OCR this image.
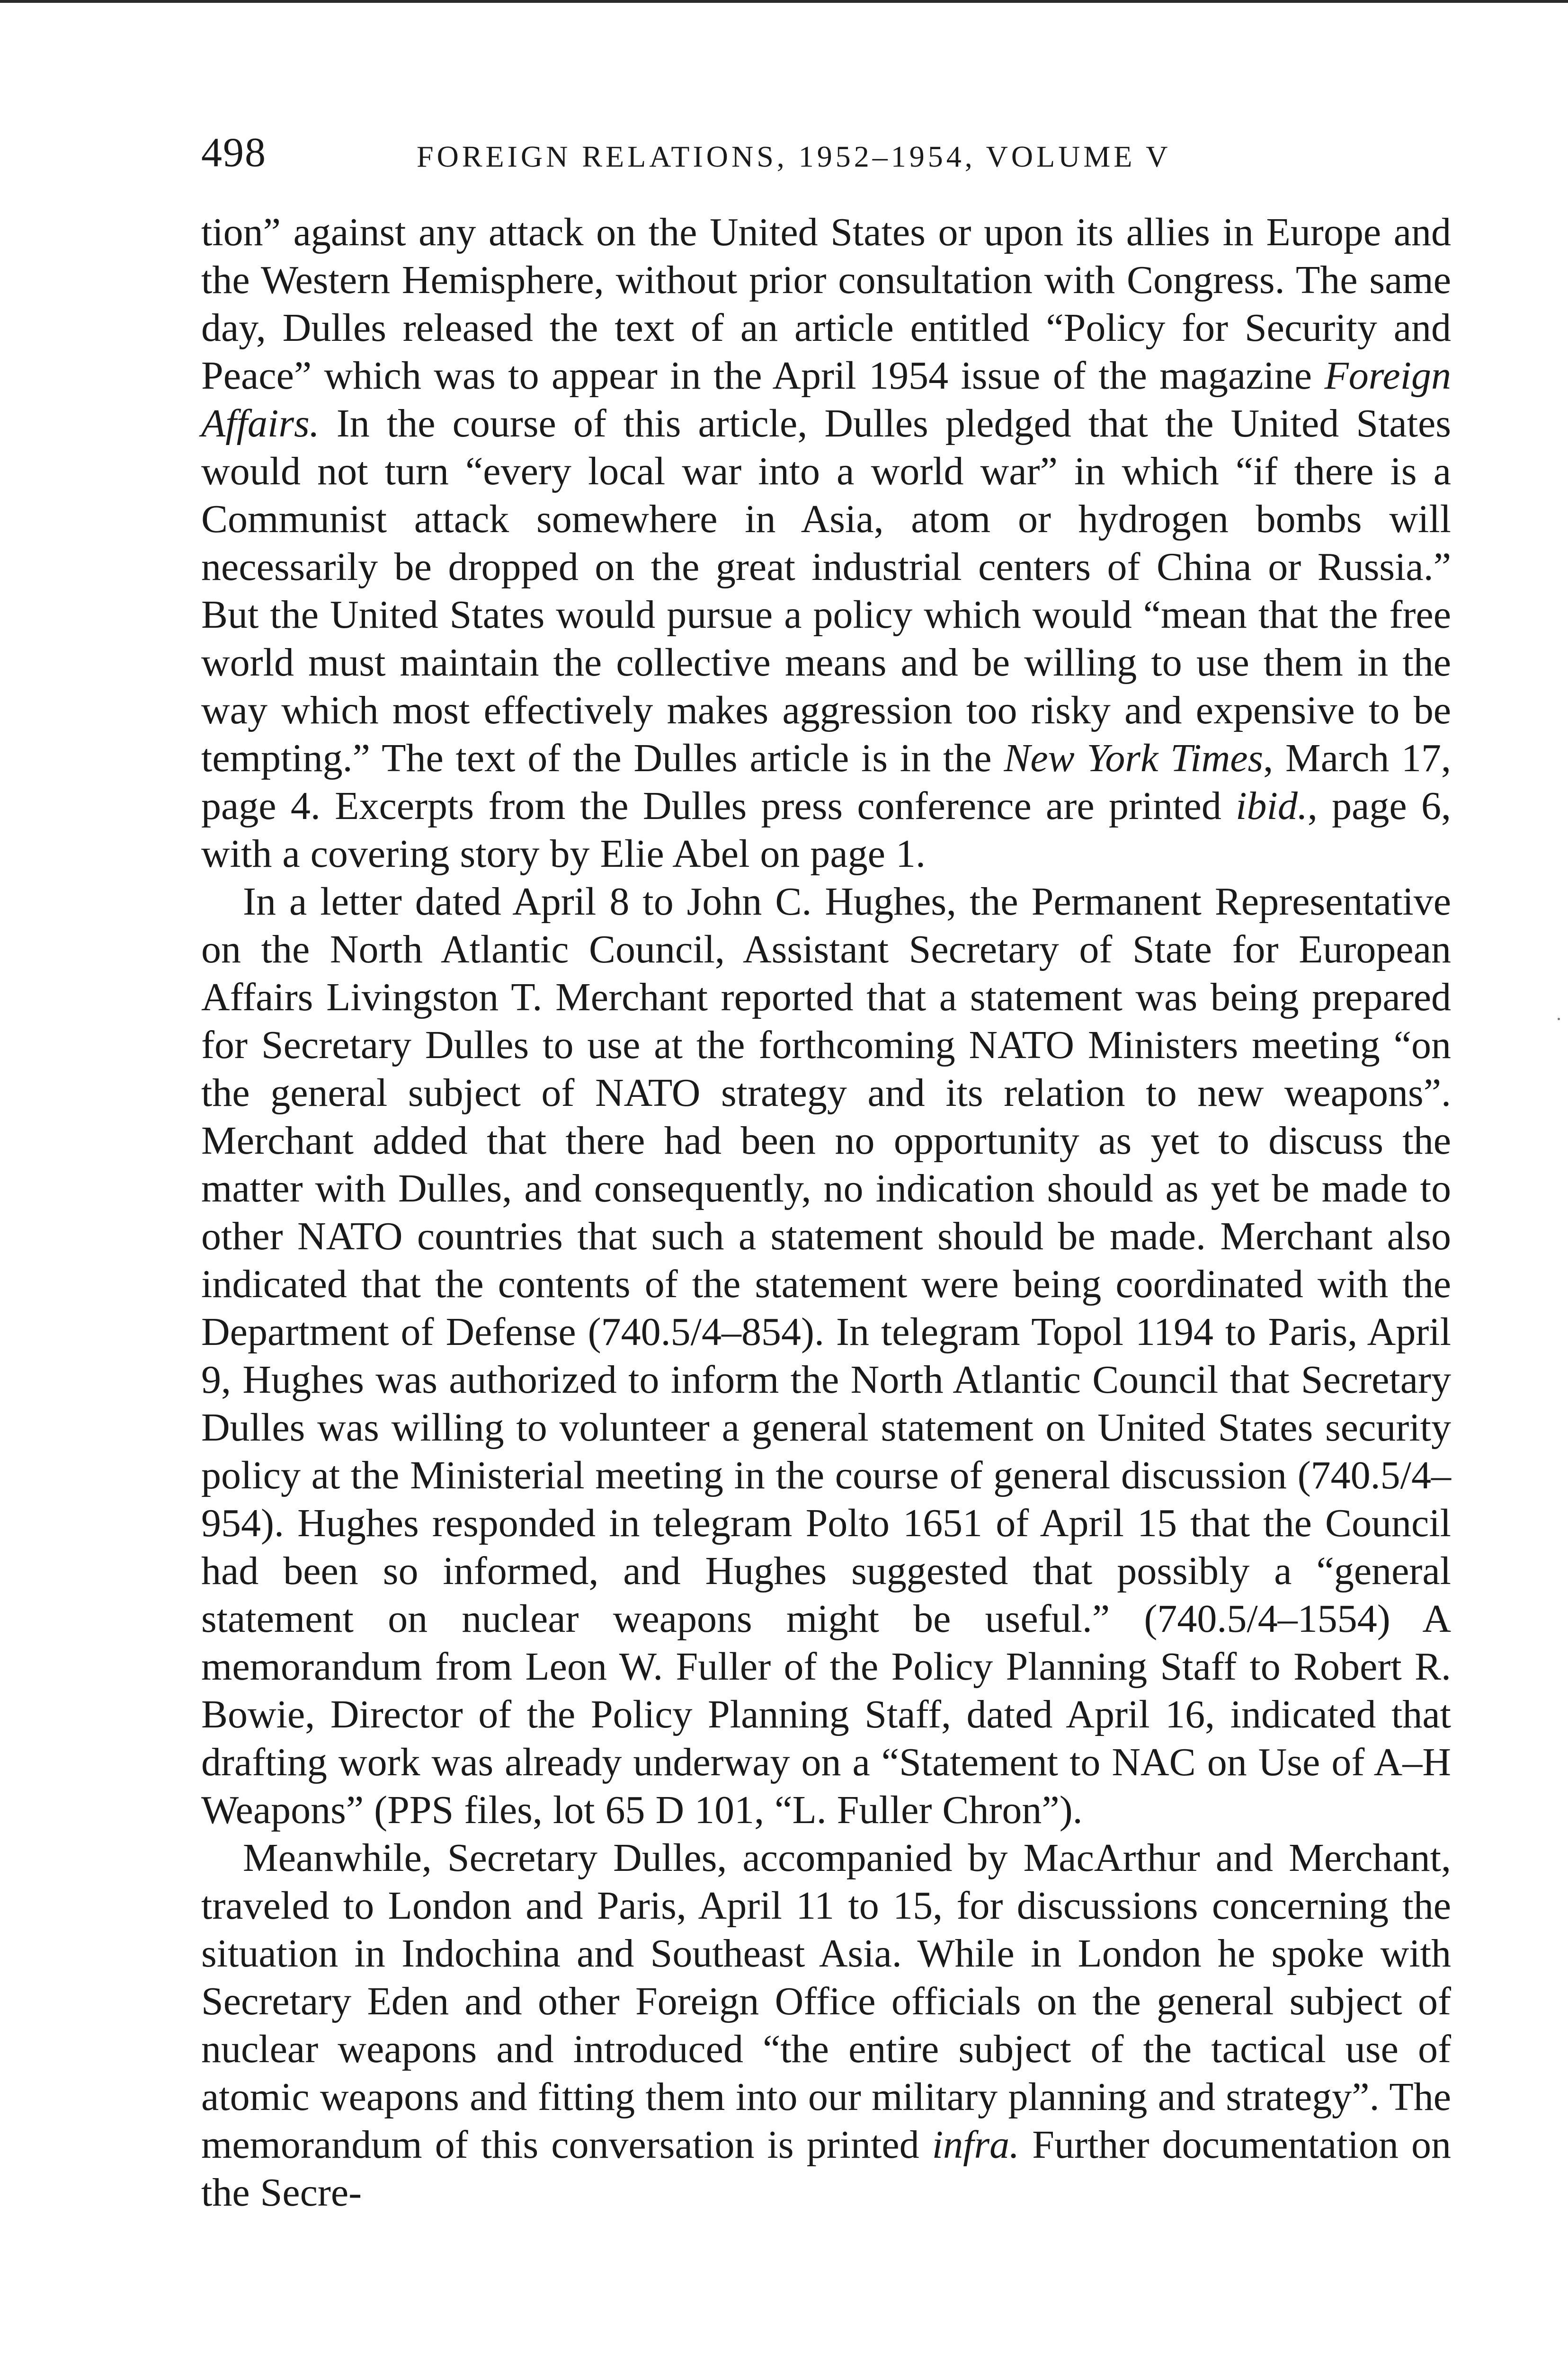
498	FOREIGN RELATIONS, 1952–1954, VOLUME V

tion” against any attack on the United States or upon its allies in Europe and the Western Hemisphere, without prior consultation with Congress. The same day, Dulles released the text of an article entitled “Policy for Security and Peace” which was to appear in the April 1954 issue of the magazine Foreign Affairs. In the course of this article, Dulles pledged that the United States would not turn “every local war into a world war” in which “if there is a Communist attack somewhere in Asia, atom or hydrogen bombs will necessarily be dropped on the great industrial centers of China or Russia.” But the United States would pursue a policy which would “mean that the free world must maintain the collective means and be willing to use them in the way which most effectively makes aggression too risky and expensive to be tempting.” The text of the Dulles article is in the New York Times, March 17, page 4. Excerpts from the Dulles press conference are printed ibid., page 6, with a covering story by Elie Abel on page 1.

In a letter dated April 8 to John C. Hughes, the Permanent Representative on the North Atlantic Council, Assistant Secretary of State for European Affairs Livingston T. Merchant reported that a statement was being prepared for Secretary Dulles to use at the forthcoming NATO Ministers meeting “on the general subject of NATO strategy and its relation to new weapons”. Merchant added that there had been no opportunity as yet to discuss the matter with Dulles, and consequently, no indication should as yet be made to other NATO countries that such a statement should be made. Merchant also indicated that the contents of the statement were being coordinated with the Department of Defense (740.5/4–854). In telegram Topol 1194 to Paris, April 9, Hughes was authorized to inform the North Atlantic Council that Secretary Dulles was willing to volunteer a general statement on United States security policy at the Ministerial meeting in the course of general discussion (740.5/4–954). Hughes responded in telegram Polto 1651 of April 15 that the Council had been so informed, and Hughes suggested that possibly a “general statement on nuclear weapons might be useful.” (740.5/4–1554) A memorandum from Leon W. Fuller of the Policy Planning Staff to Robert R. Bowie, Director of the Policy Planning Staff, dated April 16, indicated that drafting work was already underway on a “Statement to NAC on Use of A–H Weapons” (PPS files, lot 65 D 101, “L. Fuller Chron”).

Meanwhile, Secretary Dulles, accompanied by MacArthur and Merchant, traveled to London and Paris, April 11 to 15, for discussions concerning the situation in Indochina and Southeast Asia. While in London he spoke with Secretary Eden and other Foreign Office officials on the general subject of nuclear weapons and introduced “the entire subject of the tactical use of atomic weapons and fitting them into our military planning and strategy”. The memorandum of this conversation is printed infra. Further documentation on the Secre-
